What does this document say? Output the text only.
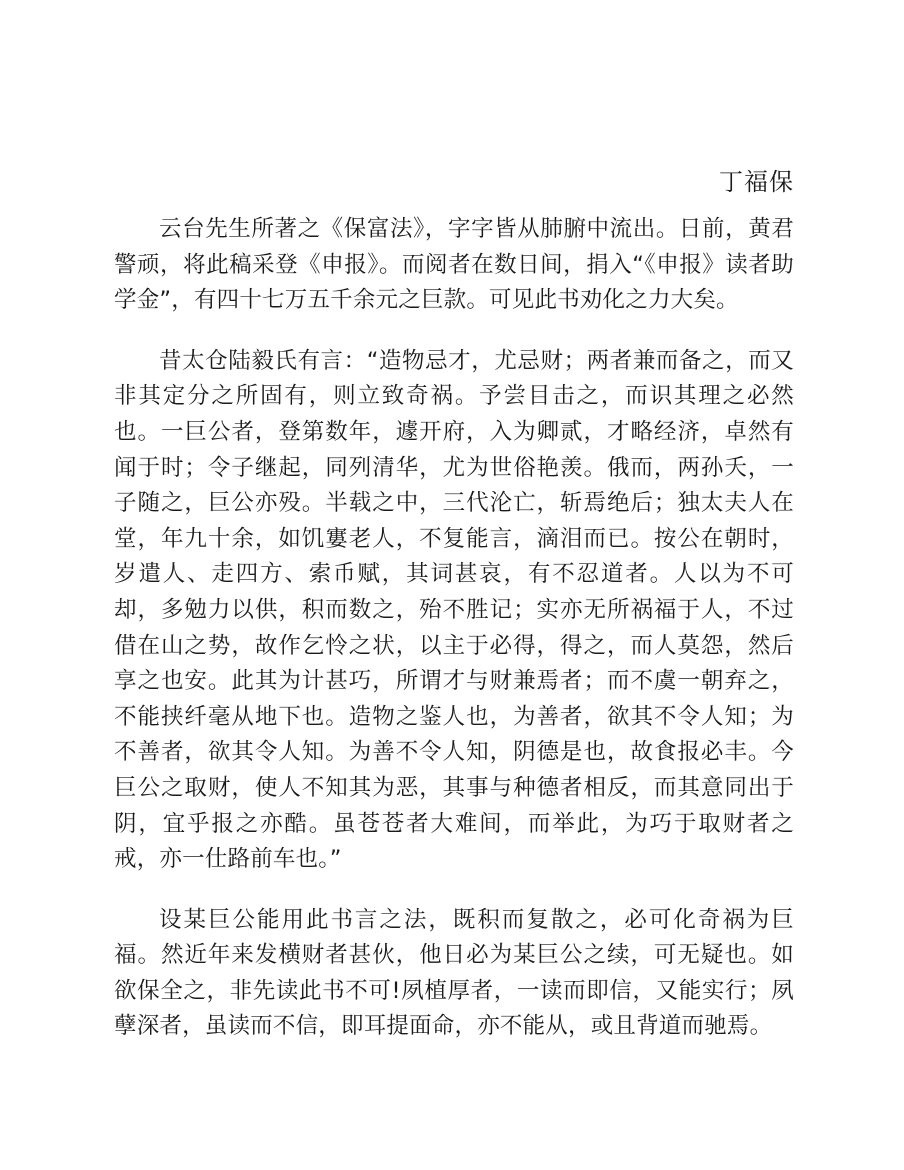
丁福保

云台先生所著之《保富法》，字字皆从肺腑中流出。日前，黄君警顽，将此稿采登《申报》。而阅者在数日间，捐入“《申报》读者助学金”，有四十七万五千余元之巨款。可见此书劝化之力大矣。

昔太仓陆毅氏有言：“造物忌才，尤忌财；两者兼而备之，而又非其定分之所固有，则立致奇祸。予尝目击之，而识其理之必然也。一巨公者，登第数年，遽开府，入为卿贰，才略经济，卓然有闻于时；令子继起，同列清华，尤为世俗艳羡。俄而，两孙夭，一子随之，巨公亦殁。半载之中，三代沦亡，斩焉绝后；独太夫人在堂，年九十余，如饥寠老人，不复能言，滴泪而已。按公在朝时，岁遣人、走四方、索币赋，其词甚哀，有不忍道者。人以为不可却，多勉力以供，积而数之，殆不胜记；实亦无所祸福于人，不过借在山之势，故作乞怜之状，以主于必得，得之，而人莫怨，然后享之也安。此其为计甚巧，所谓才与财兼焉者；而不虞一朝弃之，不能挟纤毫从地下也。造物之鉴人也，为善者，欲其不令人知；为不善者，欲其令人知。为善不令人知，阴德是也，故食报必丰。今巨公之取财，使人不知其为恶，其事与种德者相反，而其意同出于阴，宜乎报之亦酷。虽苍苍者大难间，而举此，为巧于取财者之戒，亦一仕路前车也。”

设某巨公能用此书言之法，既积而复散之，必可化奇祸为巨福。然近年来发横财者甚伙，他日必为某巨公之续，可无疑也。如欲保全之，非先读此书不可!夙植厚者，一读而即信，又能实行；夙孽深者，虽读而不信，即耳提面命，亦不能从，或且背道而驰焉。
